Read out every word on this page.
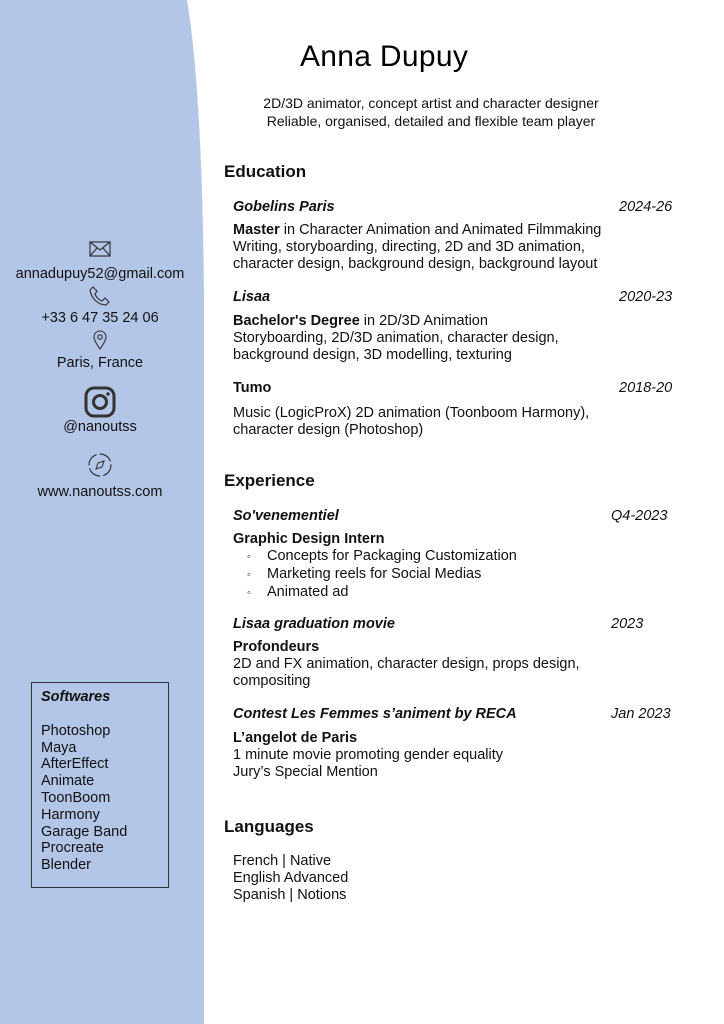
annadupuy52@gmail.com
+33 6 47 35 24 06
Paris, France
@nanoutss
www.nanoutss.com
Softwares
Photoshop
Maya
AfterEffect
Animate
ToonBoom
Harmony
Garage Band
Procreate
Blender
Anna Dupuy
2D/3D animator, concept artist and character designer
Reliable, organised, detailed and flexible team player
Education
Gobelins Paris	2024-26
Master in Character Animation and Animated Filmmaking
Writing, storyboarding, directing, 2D and 3D animation,
character design, background design, background layout
Lisaa	2020-23
Bachelor's Degree in 2D/3D Animation
Storyboarding, 2D/3D animation, character design,
background design, 3D modelling, texturing
Tumo	2018-20
Music (LogicProX) 2D animation (Toonboom Harmony),
character design (Photoshop)
Experience
So'venementiel	Q4-2023
Graphic Design Intern
◦ Concepts for Packaging Customization
◦ Marketing reels for Social Medias
◦ Animated ad
Lisaa graduation movie	2023
Profondeurs
2D and FX animation, character design, props design,
compositing
Contest Les Femmes s’animent by RECA	Jan 2023
L’angelot de Paris
1 minute movie promoting gender equality
Jury’s Special Mention
Languages
French | Native
English Advanced
Spanish | Notions
